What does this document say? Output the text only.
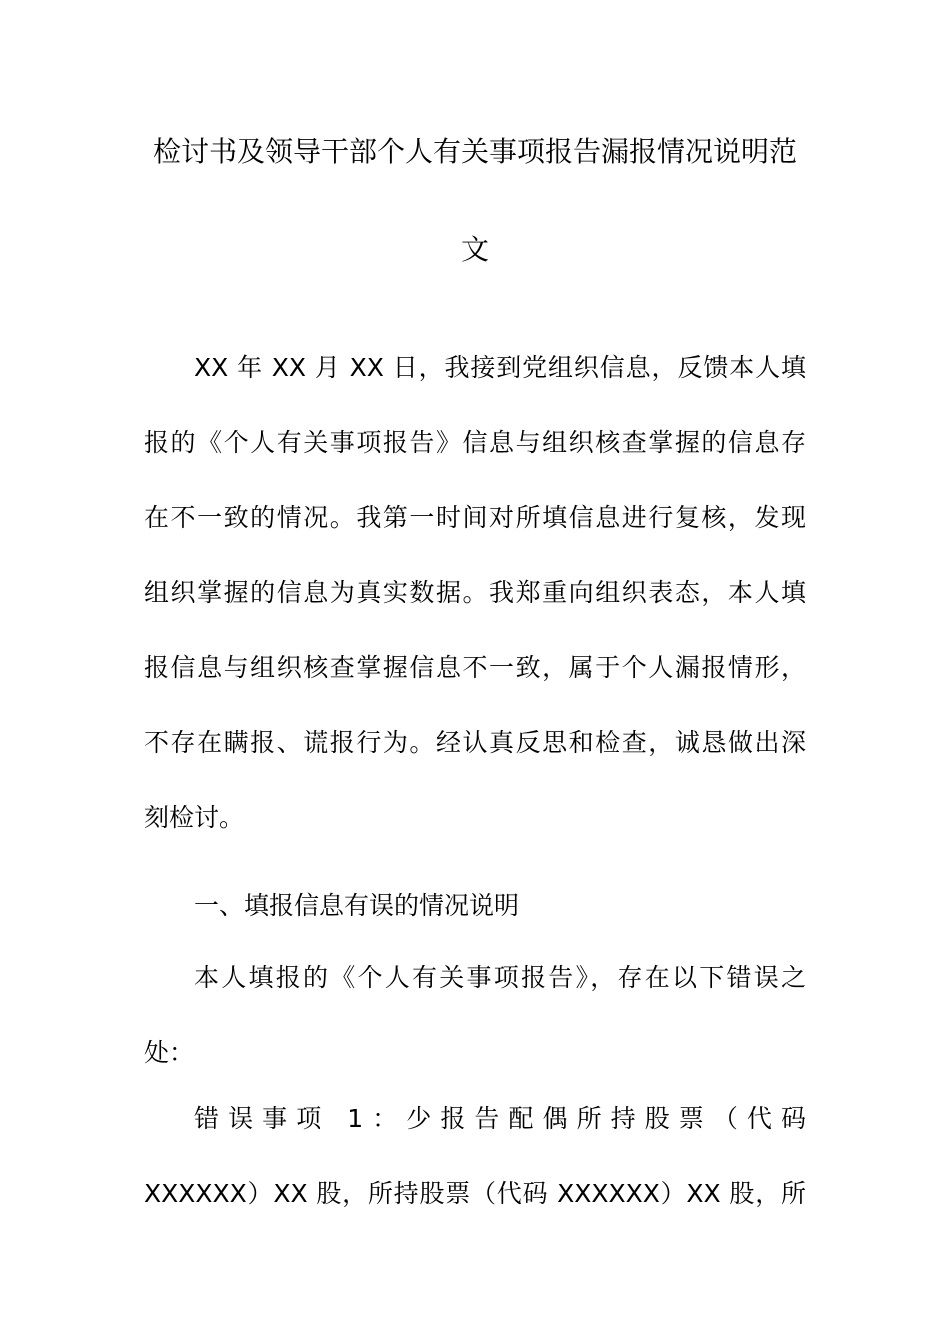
检讨书及领导干部个人有关事项报告漏报情况说明范
文
XX 年 XX 月 XX 日，我接到党组织信息，反馈本人填
报的《个人有关事项报告》信息与组织核查掌握的信息存
在不一致的情况。我第一时间对所填信息进行复核，发现
组织掌握的信息为真实数据。我郑重向组织表态，本人填
报信息与组织核查掌握信息不一致，属于个人漏报情形，
不存在瞒报、谎报行为。经认真反思和检查，诚恳做出深
刻检讨。
一、填报信息有误的情况说明
本人填报的《个人有关事项报告》，存在以下错误之
处：
错误事项 1：少报告配偶所持股票（代码
XXXXXX）XX 股，所持股票（代码 XXXXXX）XX 股，所
